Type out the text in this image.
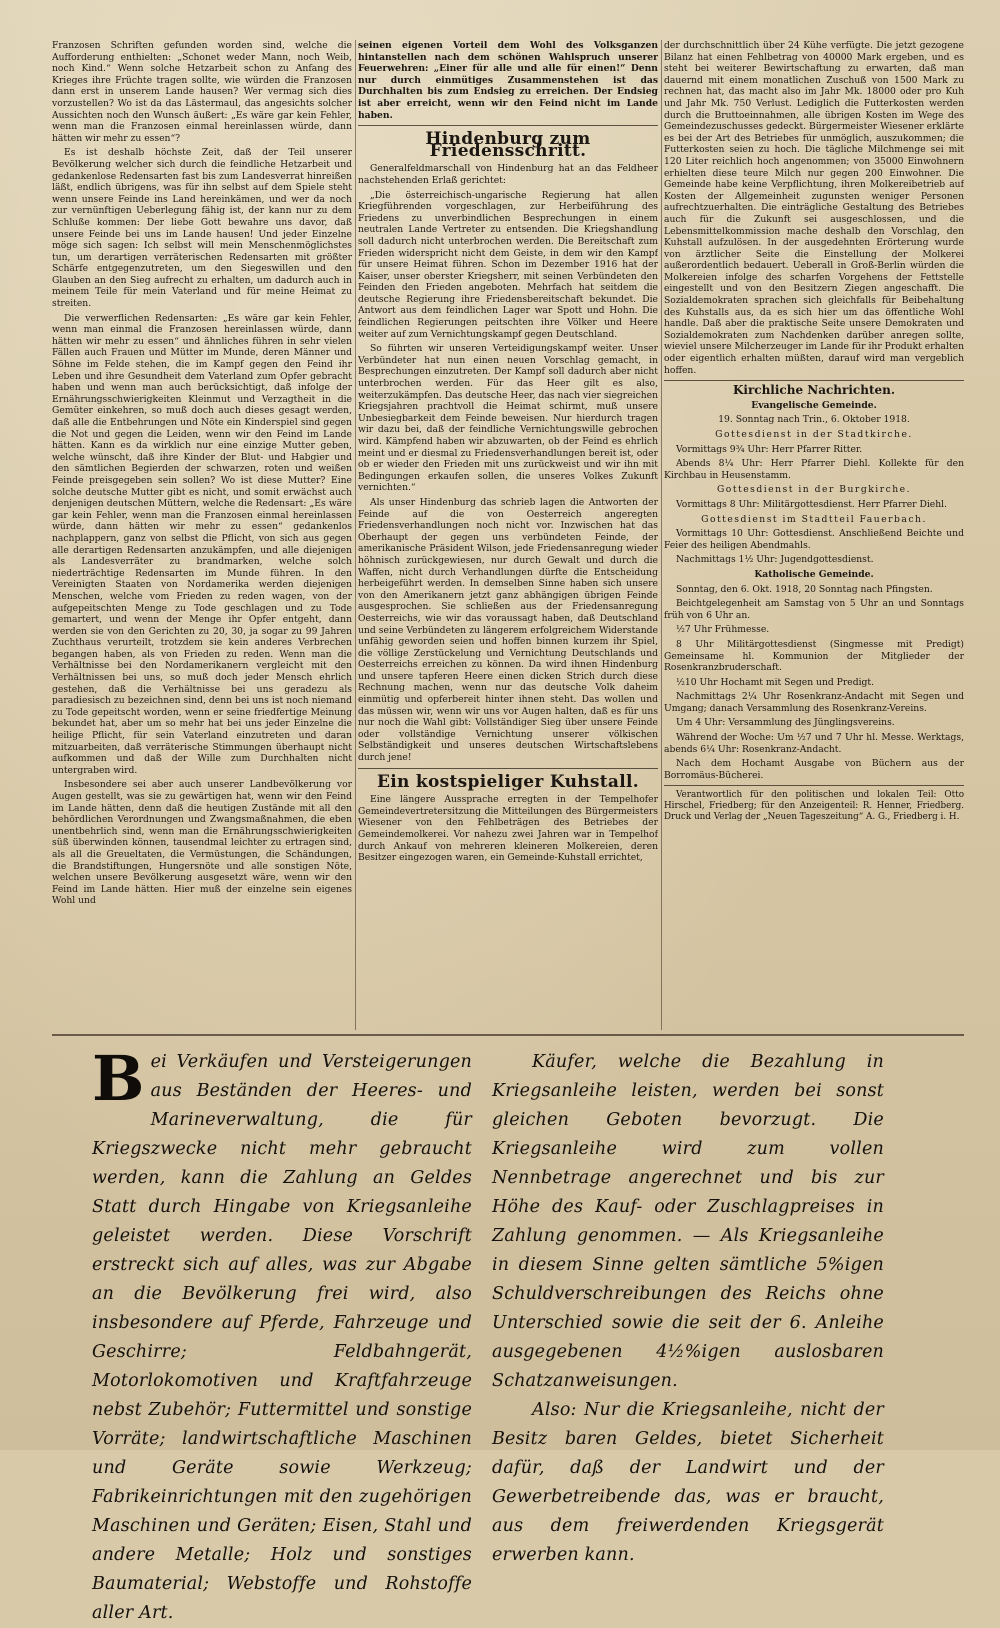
Franzosen Schriften gefunden worden sind, welche die Aufforderung enthielten: „Schonet weder Mann, noch Weib, noch Kind.“ Wenn solche Hetzarbeit schon zu Anfang des Krieges ihre Früchte tragen sollte, wie würden die Franzosen dann erst in unserem Lande hausen? Wer vermag sich dies vorzustellen? Wo ist da das Lästermaul, das angesichts solcher Aussichten noch den Wunsch äußert: „Es wäre gar kein Fehler, wenn man die Franzosen einmal hereinlassen würde, dann hätten wir mehr zu essen“?

Es ist deshalb höchste Zeit, daß der Teil unserer Bevölkerung welcher sich durch die feindliche Hetzarbeit und gedankenlose Redensarten fast bis zum Landesverrat hinreißen läßt, endlich übrigens, was für ihn selbst auf dem Spiele steht wenn unsere Feinde ins Land hereinkämen, und wer da noch zur vernünftigen Ueberlegung fähig ist, der kann nur zu dem Schluße kommen: Der liebe Gott bewahre uns davor, daß unsere Feinde bei uns im Lande hausen! Und jeder Einzelne möge sich sagen: Ich selbst will mein Menschenmöglichstes tun, um derartigen verräterischen Redensarten mit größter Schärfe entgegenzutreten, um den Siegeswillen und den Glauben an den Sieg aufrecht zu erhalten, um dadurch auch in meinem Teile für mein Vaterland und für meine Heimat zu streiten.

Die verwerflichen Redensarten: „Es wäre gar kein Fehler, wenn man einmal die Franzosen hereinlassen würde, dann hätten wir mehr zu essen“ und ähnliches führen in sehr vielen Fällen auch Frauen und Mütter im Munde, deren Männer und Söhne im Felde stehen, die im Kampf gegen den Feind ihr Leben und ihre Gesundheit dem Vaterland zum Opfer gebracht haben und wenn man auch berücksichtigt, daß infolge der Ernährungsschwierigkeiten Kleinmut und Verzagtheit in die Gemüter einkehren, so muß doch auch dieses gesagt werden, daß alle die Entbehrungen und Nöte ein Kinderspiel sind gegen die Not und gegen die Leiden, wenn wir den Feind im Lande hätten. Kann es da wirklich nur eine einzige Mutter geben, welche wünscht, daß ihre Kinder der Blut- und Habgier und den sämtlichen Begierden der schwarzen, roten und weißen Feinde preisgegeben sein sollen? Wo ist diese Mutter? Eine solche deutsche Mutter gibt es nicht, und somit erwächst auch denjenigen deutschen Müttern, welche die Redensart: „Es wäre gar kein Fehler, wenn man die Franzosen einmal hereinlassen würde, dann hätten wir mehr zu essen“ gedankenlos nachplappern, ganz von selbst die Pflicht, von sich aus gegen alle derartigen Redensarten anzukämpfen, und alle diejenigen als Landesverräter zu brandmarken, welche solch niederträchtige Redensarten im Munde führen. In den Vereinigten Staaten von Nordamerika werden diejenigen Menschen, welche vom Frieden zu reden wagen, von der aufgepeitschten Menge zu Tode geschlagen und zu Tode gemartert, und wenn der Menge ihr Opfer entgeht, dann werden sie von den Gerichten zu 20, 30, ja sogar zu 99 Jahren Zuchthaus verurteilt, trotzdem sie kein anderes Verbrechen begangen haben, als von Frieden zu reden. Wenn man die Verhältnisse bei den Nordamerikanern vergleicht mit den Verhältnissen bei uns, so muß doch jeder Mensch ehrlich gestehen, daß die Verhältnisse bei uns geradezu als paradiesisch zu bezeichnen sind, denn bei uns ist noch niemand zu Tode gepeitscht worden, wenn er seine friedfertige Meinung bekundet hat, aber um so mehr hat bei uns jeder Einzelne die heilige Pflicht, für sein Vaterland einzutreten und daran mitzuarbeiten, daß verräterische Stimmungen überhaupt nicht aufkommen und daß der Wille zum Durchhalten nicht untergraben wird.

Insbesondere sei aber auch unserer Landbevölkerung vor Augen gestellt, was sie zu gewärtigen hat, wenn wir den Feind im Lande hätten, denn daß die heutigen Zustände mit all den behördlichen Verordnungen und Zwangsmaßnahmen, die eben unentbehrlich sind, wenn man die Ernährungsschwierigkeiten süß überwinden können, tausendmal leichter zu ertragen sind, als all die Greueltaten, die Vermüstungen, die Schändungen, die Brandstiftungen, Hungersnöte und alle sonstigen Nöte, welchen unsere Bevölkerung ausgesetzt wäre, wenn wir den Feind im Lande hätten. Hier muß der einzelne sein eigenes Wohl und

seinen eigenen Vorteil dem Wohl des Volksganzen hintanstellen nach dem schönen Wahlspruch unserer Feuerwehren: „Einer für alle und alle für einen!“ Denn nur durch einmütiges Zusammenstehen ist das Durchhalten bis zum Endsieg zu erreichen. Der Endsieg ist aber erreicht, wenn wir den Feind nicht im Lande haben.

Hindenburg zum Friedensschritt.

Generalfeldmarschall von Hindenburg hat an das Feldheer nachstehenden Erlaß gerichtet:

„Die österreichisch-ungarische Regierung hat allen Kriegführenden vorgeschlagen, zur Herbeiführung des Friedens zu unverbindlichen Besprechungen in einem neutralen Lande Vertreter zu entsenden. Die Kriegshandlung soll dadurch nicht unterbrochen werden. Die Bereitschaft zum Frieden widerspricht nicht dem Geiste, in dem wir den Kampf für unsere Heimat führen. Schon im Dezember 1916 hat der Kaiser, unser oberster Kriegsherr, mit seinen Verbündeten den Feinden den Frieden angeboten. Mehrfach hat seitdem die deutsche Regierung ihre Friedensbereitschaft bekundet. Die Antwort aus dem feindlichen Lager war Spott und Hohn. Die feindlichen Regierungen peitschten ihre Völker und Heere weiter auf zum Vernichtungskampf gegen Deutschland.

So führten wir unseren Verteidigungskampf weiter. Unser Verbündeter hat nun einen neuen Vorschlag gemacht, in Besprechungen einzutreten. Der Kampf soll dadurch aber nicht unterbrochen werden. Für das Heer gilt es also, weiterzukämpfen. Das deutsche Heer, das nach vier siegreichen Kriegsjahren prachtvoll die Heimat schirmt, muß unsere Unbesiegbarkeit dem Feinde beweisen. Nur hierdurch tragen wir dazu bei, daß der feindliche Vernichtungswille gebrochen wird. Kämpfend haben wir abzuwarten, ob der Feind es ehrlich meint und er diesmal zu Friedensverhandlungen bereit ist, oder ob er wieder den Frieden mit uns zurückweist und wir ihn mit Bedingungen erkaufen sollen, die unseres Volkes Zukunft vernichten.“

Als unser Hindenburg das schrieb lagen die Antworten der Feinde auf die von Oesterreich angeregten Friedensverhandlungen noch nicht vor. Inzwischen hat das Oberhaupt der gegen uns verbündeten Feinde, der amerikanische Präsident Wilson, jede Friedensanregung wieder höhnisch zurückgewiesen, nur durch Gewalt und durch die Waffen, nicht durch Verhandlungen dürfte die Entscheidung herbeigeführt werden. In demselben Sinne haben sich unsere von den Amerikanern jetzt ganz abhängigen übrigen Feinde ausgesprochen. Sie schließen aus der Friedensanregung Oesterreichs, wie wir das voraussagt haben, daß Deutschland und seine Verbündeten zu längerem erfolgreichem Widerstande unfähig geworden seien und hoffen binnen kurzem ihr Spiel, die völlige Zerstückelung und Vernichtung Deutschlands und Oesterreichs erreichen zu können. Da wird ihnen Hindenburg und unsere tapferen Heere einen dicken Strich durch diese Rechnung machen, wenn nur das deutsche Volk daheim einmütig und opferbereit hinter ihnen steht. Das wollen und das müssen wir, wenn wir uns vor Augen halten, daß es für uns nur noch die Wahl gibt: Vollständiger Sieg über unsere Feinde oder vollständige Vernichtung unserer völkischen Selbständigkeit und unseres deutschen Wirtschaftslebens durch jene!

Ein kostspieliger Kuhstall.

Eine längere Aussprache erregten in der Tempelhofer Gemeindevertretersitzung die Mitteilungen des Bürgermeisters Wiesener von den Fehlbeträgen des Betriebes der Gemeindemolkerei. Vor nahezu zwei Jahren war in Tempelhof durch Ankauf von mehreren kleineren Molkereien, deren Besitzer eingezogen waren, ein Gemeinde-Kuhstall errichtet,

der durchschnittlich über 24 Kühe verfügte. Die jetzt gezogene Bilanz hat einen Fehlbetrag von 40000 Mark ergeben, und es steht bei weiterer Bewirtschaftung zu erwarten, daß man dauernd mit einem monatlichen Zuschuß von 1500 Mark zu rechnen hat, das macht also im Jahr Mk. 18000 oder pro Kuh und Jahr Mk. 750 Verlust. Lediglich die Futterkosten werden durch die Bruttoeinnahmen, alle übrigen Kosten im Wege des Gemeindezuschusses gedeckt. Bürgermeister Wiesener erklärte es bei der Art des Betriebes für unmöglich, auszukommen; die Futterkosten seien zu hoch. Die tägliche Milchmenge sei mit 120 Liter reichlich hoch angenommen; von 35000 Einwohnern erhielten diese teure Milch nur gegen 200 Einwohner. Die Gemeinde habe keine Verpflichtung, ihren Molkereibetrieb auf Kosten der Allgemeinheit zugunsten weniger Personen aufrechtzuerhalten. Die einträgliche Gestaltung des Betriebes auch für die Zukunft sei ausgeschlossen, und die Lebensmittelkommission mache deshalb den Vorschlag, den Kuhstall aufzulösen. In der ausgedehnten Erörterung wurde von ärztlicher Seite die Einstellung der Molkerei außerordentlich bedauert. Ueberall in Groß-Berlin würden die Molkereien infolge des scharfen Vorgehens der Fettstelle eingestellt und von den Besitzern Ziegen angeschafft. Die Sozialdemokraten sprachen sich gleichfalls für Beibehaltung des Kuhstalls aus, da es sich hier um das öffentliche Wohl handle. Daß aber die praktische Seite unsere Demokraten und Sozialdemokraten zum Nachdenken darüber anregen sollte, wieviel unsere Milcherzeuger im Lande für ihr Produkt erhalten oder eigentlich erhalten müßten, darauf wird man vergeblich hoffen.

Kirchliche Nachrichten.

Evangelische Gemeinde.

19. Sonntag nach Trin., 6. Oktober 1918.

Gottesdienst in der Stadtkirche.

Vormittags 9¾ Uhr: Herr Pfarrer Ritter.

Abends 8¼ Uhr: Herr Pfarrer Diehl. Kollekte für den Kirchbau in Heusenstamm.

Gottesdienst in der Burgkirche.

Vormittags 8 Uhr: Militärgottesdienst. Herr Pfarrer Diehl.

Gottesdienst im Stadtteil Fauerbach.

Vormittags 10 Uhr: Gottesdienst. Anschließend Beichte und Feier des heiligen Abendmahls.

Nachmittags 1½ Uhr: Jugendgottesdienst.

Katholische Gemeinde.

Sonntag, den 6. Okt. 1918, 20 Sonntag nach Pfingsten.

Beichtgelegenheit am Samstag von 5 Uhr an und Sonntags früh von 6 Uhr an.

½7 Uhr Frühmesse.

8 Uhr Militärgottesdienst (Singmesse mit Predigt) Gemeinsame hl. Kommunion der Mitglieder der Rosenkranzbruderschaft.

½10 Uhr Hochamt mit Segen und Predigt.

Nachmittags 2¼ Uhr Rosenkranz-Andacht mit Segen und Umgang; danach Versammlung des Rosenkranz-Vereins.

Um 4 Uhr: Versammlung des Jünglingsvereins.

Während der Woche: Um ½7 und 7 Uhr hl. Messe. Werktags, abends 6¼ Uhr: Rosenkranz-Andacht.

Nach dem Hochamt Ausgabe von Büchern aus der Borromäus-Bücherei.

Verantwortlich für den politischen und lokalen Teil: Otto Hirschel, Friedberg; für den Anzeigenteil: R. Henner, Friedberg. Druck und Verlag der „Neuen Tageszeitung“ A. G., Friedberg i. H.

Bei Verkäufen und Versteigerungen aus Beständen der Heeres- und Marineverwaltung, die für Kriegszwecke nicht mehr gebraucht werden, kann die Zahlung an Geldes Statt durch Hingabe von Kriegsanleihe geleistet werden. Diese Vorschrift erstreckt sich auf alles, was zur Abgabe an die Bevölkerung frei wird, also insbesondere auf Pferde, Fahrzeuge und Geschirre; Feldbahngerät, Motorlokomotiven und Kraftfahrzeuge nebst Zubehör; Futtermittel und sonstige Vorräte; landwirtschaftliche Maschinen und Geräte sowie Werkzeug; Fabrikeinrichtungen mit den zugehörigen Maschinen und Geräten; Eisen, Stahl und andere Metalle; Holz und sonstiges Baumaterial; Webstoffe und Rohstoffe aller Art.

Käufer, welche die Bezahlung in Kriegsanleihe leisten, werden bei sonst gleichen Geboten bevorzugt. Die Kriegsanleihe wird zum vollen Nennbetrage angerechnet und bis zur Höhe des Kauf- oder Zuschlagpreises in Zahlung genommen. — Als Kriegsanleihe in diesem Sinne gelten sämtliche 5%igen Schuldverschreibungen des Reichs ohne Unterschied sowie die seit der 6. Anleihe ausgegebenen 4½%igen auslosbaren Schatzanweisungen.

Also: Nur die Kriegsanleihe, nicht der Besitz baren Geldes, bietet Sicherheit dafür, daß der Landwirt und der Gewerbetreibende das, was er braucht, aus dem freiwerdenden Kriegsgerät erwerben kann.
